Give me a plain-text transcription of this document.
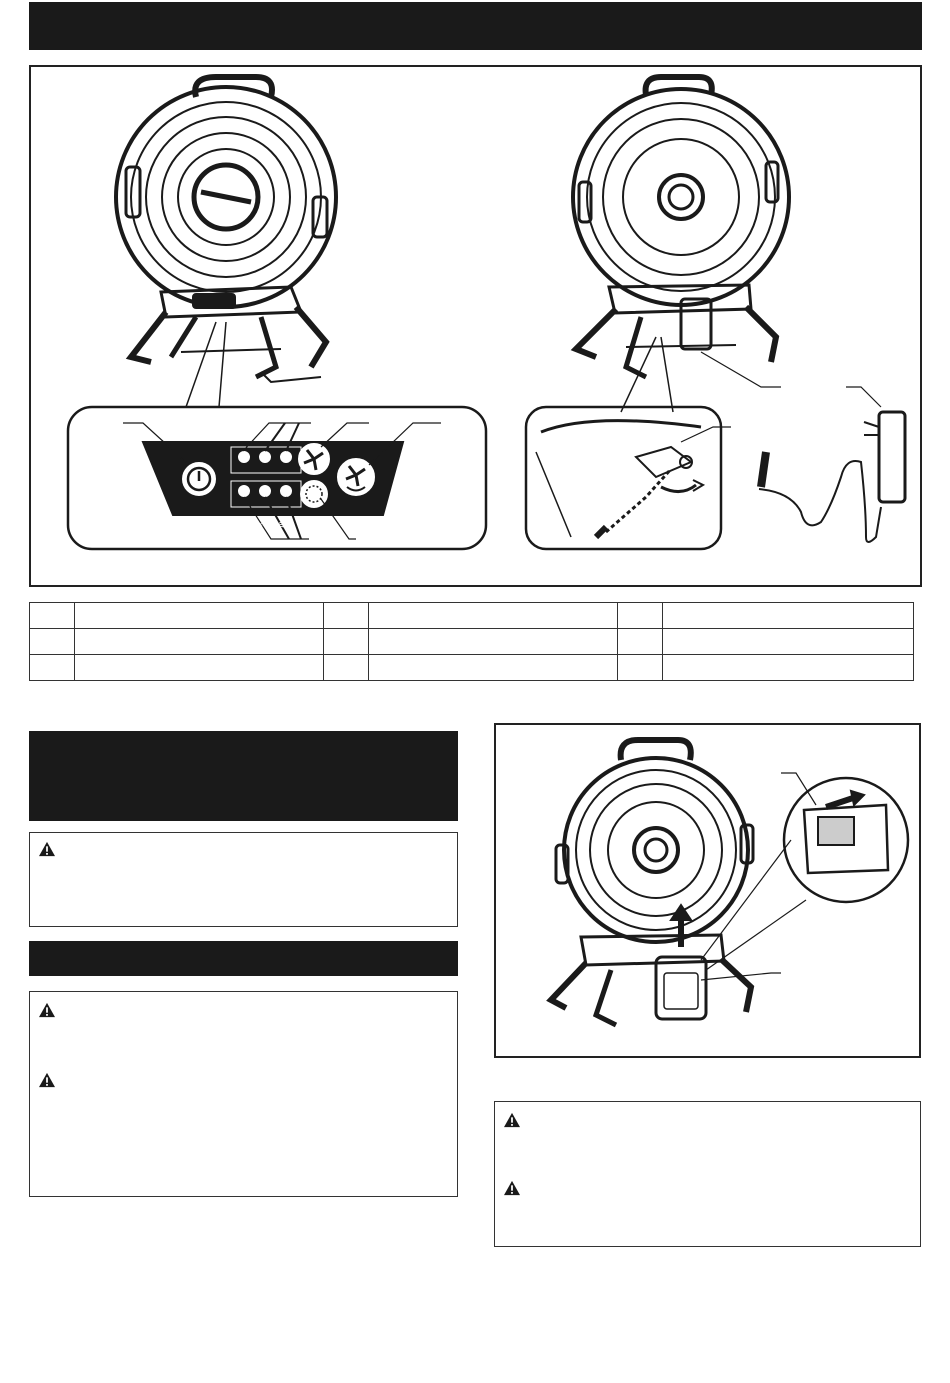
≈ ≈ ≋
1 2 4
